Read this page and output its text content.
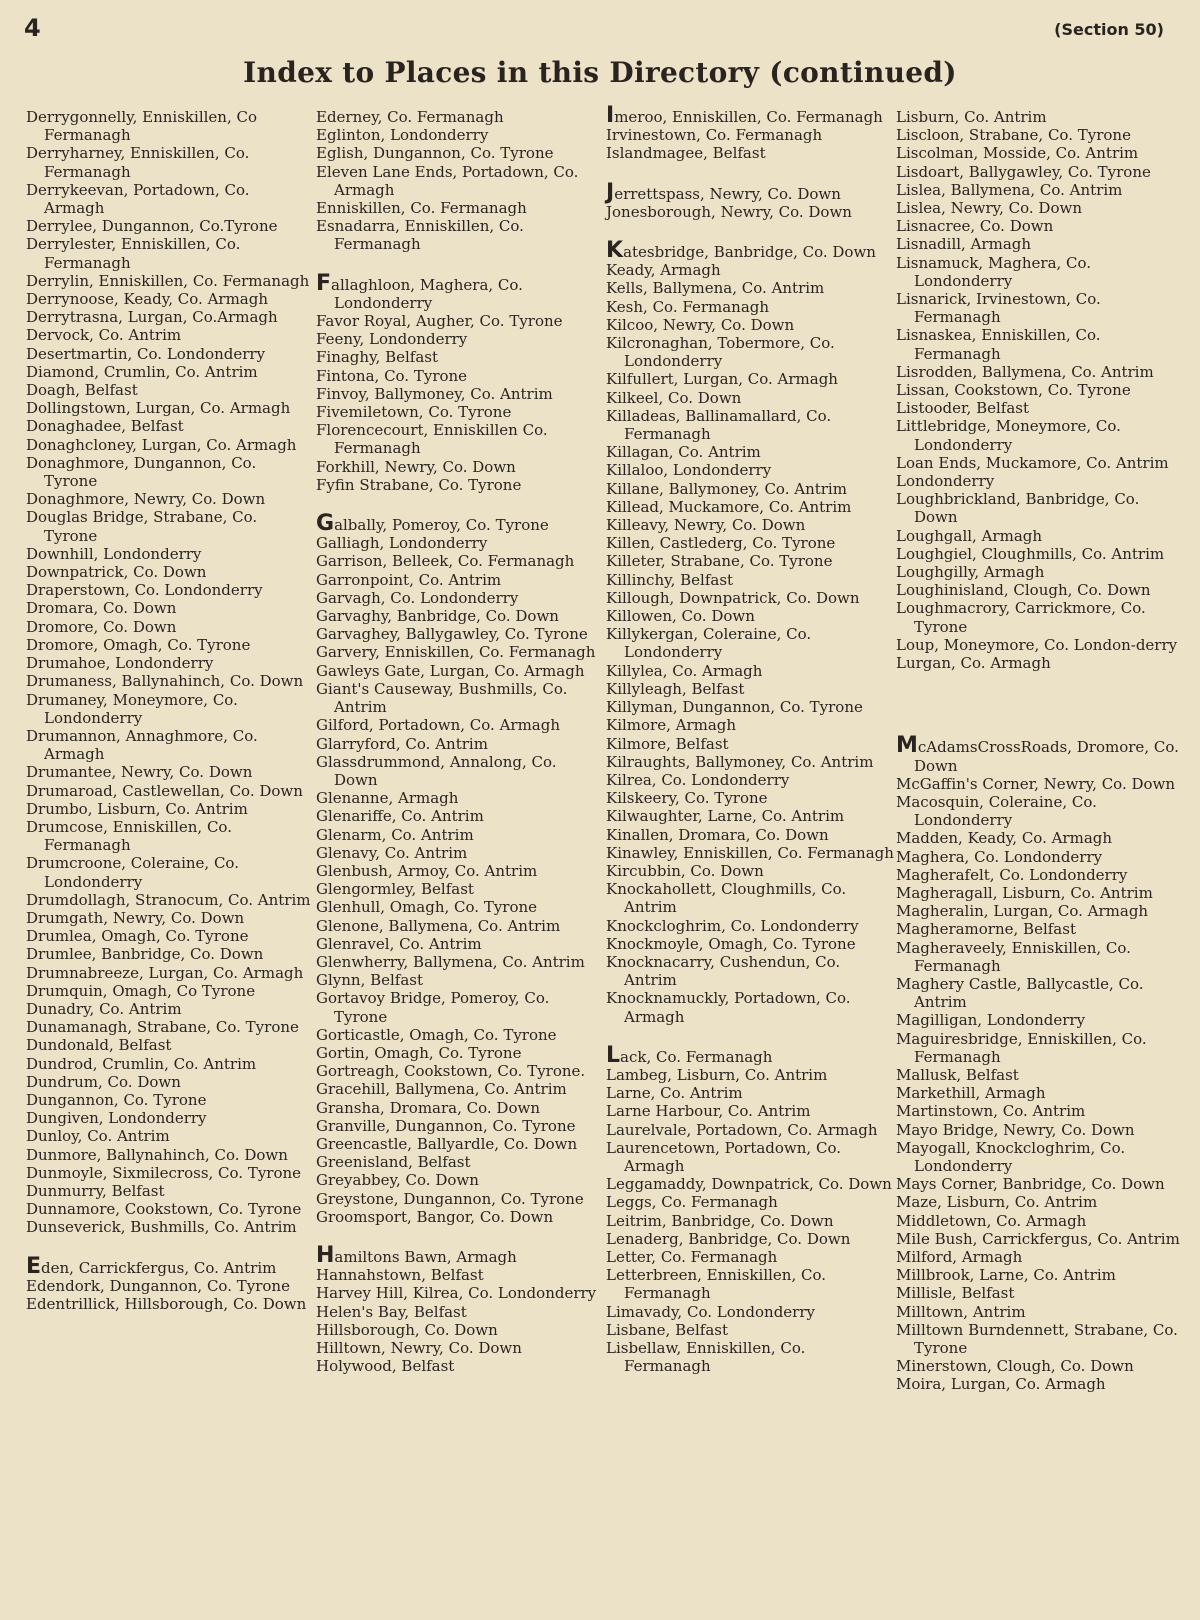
4	(Section 50)
Index to Places in this Directory (continued)
Derrygonnelly, Enniskillen, Co Fermanagh
Derryharney, Enniskillen, Co. Fermanagh
Derrykeevan, Portadown, Co. Armagh
Derrylee, Dungannon, Co.Tyrone
Derrylester, Enniskillen, Co. Fermanagh
Derrylin, Enniskillen, Co. Fermanagh
Derrynoose, Keady, Co. Armagh
Derrytrasna, Lurgan, Co.Armagh
Dervock, Co. Antrim
Desertmartin, Co. Londonderry
Diamond, Crumlin, Co. Antrim
Doagh, Belfast
Dollingstown, Lurgan, Co. Armagh
Donaghadee, Belfast
Donaghcloney, Lurgan, Co. Armagh
Donaghmore, Dungannon, Co. Tyrone
Donaghmore, Newry, Co. Down
Douglas Bridge, Strabane, Co. Tyrone
Downhill, Londonderry
Downpatrick, Co. Down
Draperstown, Co. Londonderry
Dromara, Co. Down
Dromore, Co. Down
Dromore, Omagh, Co. Tyrone
Drumahoe, Londonderry
Drumaness, Ballynahinch, Co. Down
Drumaney, Moneymore, Co. Londonderry
Drumannon, Annaghmore, Co. Armagh
Drumantee, Newry, Co. Down
Drumaroad, Castlewellan, Co. Down
Drumbo, Lisburn, Co. Antrim
Drumcose, Enniskillen, Co. Fermanagh
Drumcroone, Coleraine, Co. Londonderry
Drumdollagh, Stranocum, Co. Antrim
Drumgath, Newry, Co. Down
Drumlea, Omagh, Co. Tyrone
Drumlee, Banbridge, Co. Down
Drumnabreeze, Lurgan, Co. Armagh
Drumquin, Omagh, Co Tyrone
Dunadry, Co. Antrim
Dunamanagh, Strabane, Co. Tyrone
Dundonald, Belfast
Dundrod, Crumlin, Co. Antrim
Dundrum, Co. Down
Dungannon, Co. Tyrone
Dungiven, Londonderry
Dunloy, Co. Antrim
Dunmore, Ballynahinch, Co. Down
Dunmoyle, Sixmilecross, Co. Tyrone
Dunmurry, Belfast
Dunnamore, Cookstown, Co. Tyrone
Dunseverick, Bushmills, Co. Antrim
Eden, Carrickfergus, Co. Antrim
Edendork, Dungannon, Co. Tyrone
Edentrillick, Hillsborough, Co. Down
Ederney, Co. Fermanagh
Eglinton, Londonderry
Eglish, Dungannon, Co. Tyrone
Eleven Lane Ends, Portadown, Co. Armagh
Enniskillen, Co. Fermanagh
Esnadarra, Enniskillen, Co. Fermanagh
Fallaghloon, Maghera, Co. Londonderry
Favor Royal, Augher, Co. Tyrone
Feeny, Londonderry
Finaghy, Belfast
Fintona, Co. Tyrone
Finvoy, Ballymoney, Co. Antrim
Fivemiletown, Co. Tyrone
Florencecourt, Enniskillen Co. Fermanagh
Forkhill, Newry, Co. Down
Fyfin Strabane, Co. Tyrone
Galbally, Pomeroy, Co. Tyrone
Galliagh, Londonderry
Garrison, Belleek, Co. Fermanagh
Garronpoint, Co. Antrim
Garvagh, Co. Londonderry
Garvaghy, Banbridge, Co. Down
Garvaghey, Ballygawley, Co. Tyrone
Garvery, Enniskillen, Co. Fermanagh
Gawleys Gate, Lurgan, Co. Armagh
Giant's Causeway, Bushmills, Co. Antrim
Gilford, Portadown, Co. Armagh
Glarryford, Co. Antrim
Glassdrummond, Annalong, Co. Down
Glenanne, Armagh
Glenariffe, Co. Antrim
Glenarm, Co. Antrim
Glenavy, Co. Antrim
Glenbush, Armoy, Co. Antrim
Glengormley, Belfast
Glenhull, Omagh, Co. Tyrone
Glenone, Ballymena, Co. Antrim
Glenravel, Co. Antrim
Glenwherry, Ballymena, Co. Antrim
Glynn, Belfast
Gortavoy Bridge, Pomeroy, Co. Tyrone
Gorticastle, Omagh, Co. Tyrone
Gortin, Omagh, Co. Tyrone
Gortreagh, Cookstown, Co. Tyrone.
Gracehill, Ballymena, Co. Antrim
Gransha, Dromara, Co. Down
Granville, Dungannon, Co. Tyrone
Greencastle, Ballyardle, Co. Down
Greenisland, Belfast
Greyabbey, Co. Down
Greystone, Dungannon, Co. Tyrone
Groomsport, Bangor, Co. Down
Hamiltons Bawn, Armagh
Hannahstown, Belfast
Harvey Hill, Kilrea, Co. Londonderry
Helen's Bay, Belfast
Hillsborough, Co. Down
Hilltown, Newry, Co. Down
Holywood, Belfast
Imeroo, Enniskillen, Co. Fermanagh
Irvinestown, Co. Fermanagh
Islandmagee, Belfast
Jerrettspass, Newry, Co. Down
Jonesborough, Newry, Co. Down
Katesbridge, Banbridge, Co. Down
Keady, Armagh
Kells, Ballymena, Co. Antrim
Kesh, Co. Fermanagh
Kilcoo, Newry, Co. Down
Kilcronaghan, Tobermore, Co. Londonderry
Kilfullert, Lurgan, Co. Armagh
Kilkeel, Co. Down
Killadeas, Ballinamallard, Co. Fermanagh
Killagan, Co. Antrim
Killaloo, Londonderry
Killane, Ballymoney, Co. Antrim
Killead, Muckamore, Co. Antrim
Killeavy, Newry, Co. Down
Killen, Castlederg, Co. Tyrone
Killeter, Strabane, Co. Tyrone
Killinchy, Belfast
Killough, Downpatrick, Co. Down
Killowen, Co. Down
Killykergan, Coleraine, Co. Londonderry
Killylea, Co. Armagh
Killyleagh, Belfast
Killyman, Dungannon, Co. Tyrone
Kilmore, Armagh
Kilmore, Belfast
Kilraughts, Ballymoney, Co. Antrim
Kilrea, Co. Londonderry
Kilskeery, Co. Tyrone
Kilwaughter, Larne, Co. Antrim
Kinallen, Dromara, Co. Down
Kinawley, Enniskillen, Co. Fermanagh
Kircubbin, Co. Down
Knockahollett, Cloughmills, Co. Antrim
Knockcloghrim, Co. Londonderry
Knockmoyle, Omagh, Co. Tyrone
Knocknacarry, Cushendun, Co. Antrim
Knocknamuckly, Portadown, Co. Armagh
Lack, Co. Fermanagh
Lambeg, Lisburn, Co. Antrim
Larne, Co. Antrim
Larne Harbour, Co. Antrim
Laurelvale, Portadown, Co. Armagh
Laurencetown, Portadown, Co. Armagh
Leggamaddy, Downpatrick, Co. Down
Leggs, Co. Fermanagh
Leitrim, Banbridge, Co. Down
Lenaderg, Banbridge, Co. Down
Letter, Co. Fermanagh
Letterbreen, Enniskillen, Co. Fermanagh
Limavady, Co. Londonderry
Lisbane, Belfast
Lisbellaw, Enniskillen, Co. Fermanagh
Lisburn, Co. Antrim
Liscloon, Strabane, Co. Tyrone
Liscolman, Mosside, Co. Antrim
Lisdoart, Ballygawley, Co. Tyrone
Lislea, Ballymena, Co. Antrim
Lislea, Newry, Co. Down
Lisnacree, Co. Down
Lisnadill, Armagh
Lisnamuck, Maghera, Co. Londonderry
Lisnarick, Irvinestown, Co. Fermanagh
Lisnaskea, Enniskillen, Co. Fermanagh
Lisrodden, Ballymena, Co. Antrim
Lissan, Cookstown, Co. Tyrone
Listooder, Belfast
Littlebridge, Moneymore, Co. Londonderry
Loan Ends, Muckamore, Co. Antrim
Londonderry
Loughbrickland, Banbridge, Co. Down
Loughgall, Armagh
Loughgiel, Cloughmills, Co. Antrim
Loughgilly, Armagh
Loughinisland, Clough, Co. Down
Loughmacrory, Carrickmore, Co. Tyrone
Loup, Moneymore, Co. London-derry
Lurgan, Co. Armagh
McAdamsCrossRoads, Dromore, Co. Down
McGaffin's Corner, Newry, Co. Down
Macosquin, Coleraine, Co. Londonderry
Madden, Keady, Co. Armagh
Maghera, Co. Londonderry
Magherafelt, Co. Londonderry
Magheragall, Lisburn, Co. Antrim
Magheralin, Lurgan, Co. Armagh
Magheramorne, Belfast
Magheraveely, Enniskillen, Co. Fermanagh
Maghery Castle, Ballycastle, Co. Antrim
Magilligan, Londonderry
Maguiresbridge, Enniskillen, Co. Fermanagh
Mallusk, Belfast
Markethill, Armagh
Martinstown, Co. Antrim
Mayo Bridge, Newry, Co. Down
Mayogall, Knockcloghrim, Co. Londonderry
Mays Corner, Banbridge, Co. Down
Maze, Lisburn, Co. Antrim
Middletown, Co. Armagh
Mile Bush, Carrickfergus, Co. Antrim
Milford, Armagh
Millbrook, Larne, Co. Antrim
Millisle, Belfast
Milltown, Antrim
Milltown Burndennett, Strabane, Co. Tyrone
Minerstown, Clough, Co. Down
Moira, Lurgan, Co. Armagh
